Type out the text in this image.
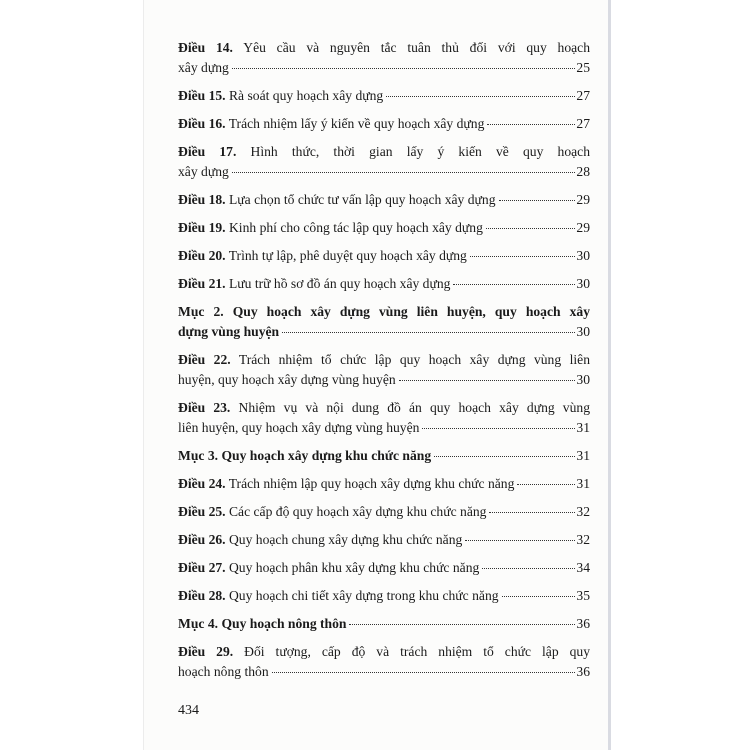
Điều 14. Yêu cầu và nguyên tắc tuân thủ đối với quy hoạch
xây dựng	25
Điều 15. Rà soát quy hoạch xây dựng	27
Điều 16. Trách nhiệm lấy ý kiến về quy hoạch xây dựng	27
Điều 17. Hình thức, thời gian lấy ý kiến về quy hoạch
xây dựng	28
Điều 18. Lựa chọn tổ chức tư vấn lập quy hoạch xây dựng	29
Điều 19. Kinh phí cho công tác lập quy hoạch xây dựng	29
Điều 20. Trình tự lập, phê duyệt quy hoạch xây dựng	30
Điều 21. Lưu trữ hồ sơ đồ án quy hoạch xây dựng	30
Mục 2. Quy hoạch xây dựng vùng liên huyện, quy hoạch xây
dựng vùng huyện	30
Điều 22. Trách nhiệm tổ chức lập quy hoạch xây dựng vùng liên
huyện, quy hoạch xây dựng vùng huyện	30
Điều 23. Nhiệm vụ và nội dung đồ án quy hoạch xây dựng vùng
liên huyện, quy hoạch xây dựng vùng huyện	31
Mục 3. Quy hoạch xây dựng khu chức năng	31
Điều 24. Trách nhiệm lập quy hoạch xây dựng khu chức năng	31
Điều 25. Các cấp độ quy hoạch xây dựng khu chức năng	32
Điều 26. Quy hoạch chung xây dựng khu chức năng	32
Điều 27. Quy hoạch phân khu xây dựng khu chức năng	34
Điều 28. Quy hoạch chi tiết xây dựng trong khu chức năng	35
Mục 4. Quy hoạch nông thôn	36
Điều 29. Đối tượng, cấp độ và trách nhiệm tổ chức lập quy
hoạch nông thôn	36
434
